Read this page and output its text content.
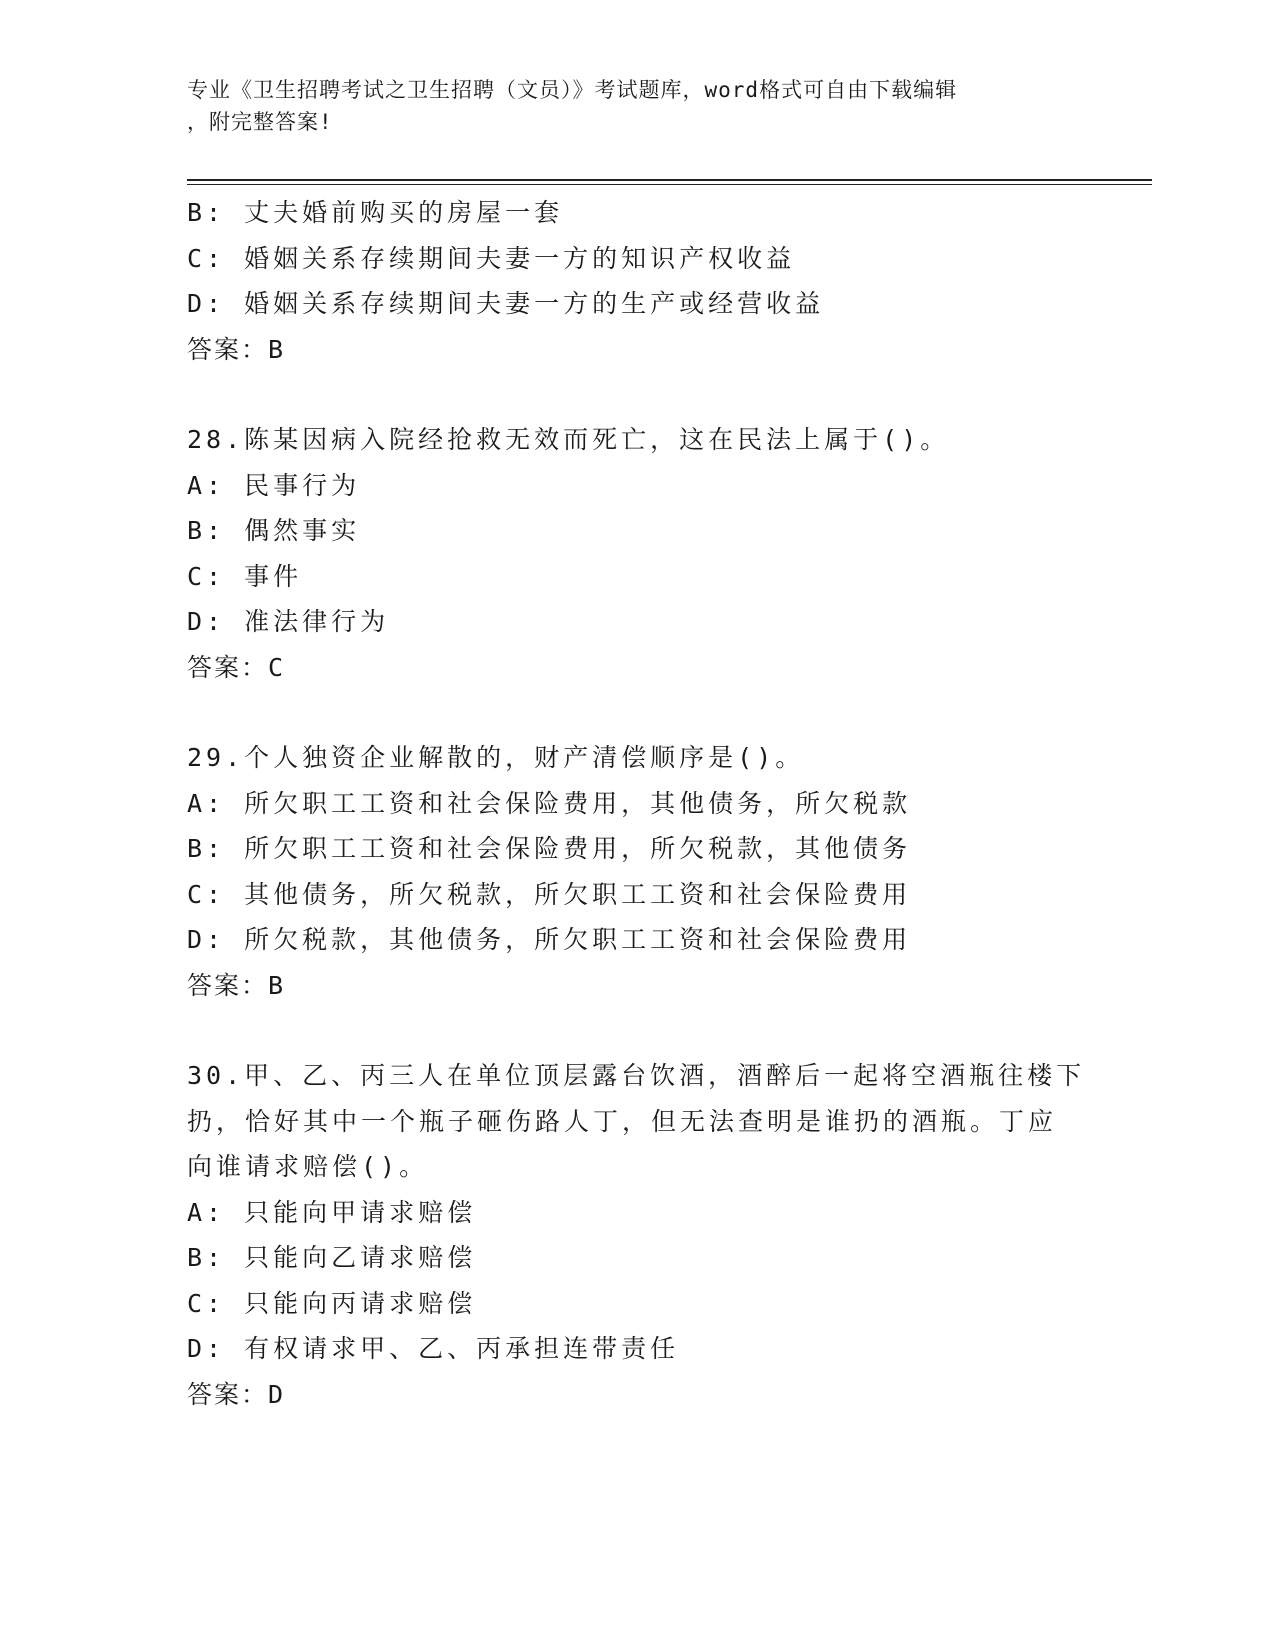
专业《卫生招聘考试之卫生招聘（文员）》考试题库，word格式可自由下载编辑
，附完整答案!
B: 丈夫婚前购买的房屋一套
C: 婚姻关系存续期间夫妻一方的知识产权收益
D: 婚姻关系存续期间夫妻一方的生产或经营收益
答案：B
28.陈某因病入院经抢救无效而死亡，这在民法上属于()。
A: 民事行为
B: 偶然事实
C: 事件
D: 准法律行为
答案：C
29.个人独资企业解散的，财产清偿顺序是()。
A: 所欠职工工资和社会保险费用，其他债务，所欠税款
B: 所欠职工工资和社会保险费用，所欠税款，其他债务
C: 其他债务，所欠税款，所欠职工工资和社会保险费用
D: 所欠税款，其他债务，所欠职工工资和社会保险费用
答案：B
30.甲、乙、丙三人在单位顶层露台饮酒，酒醉后一起将空酒瓶往楼下
扔，恰好其中一个瓶子砸伤路人丁，但无法查明是谁扔的酒瓶。丁应
向谁请求赔偿()。
A: 只能向甲请求赔偿
B: 只能向乙请求赔偿
C: 只能向丙请求赔偿
D: 有权请求甲、乙、丙承担连带责任
答案：D
